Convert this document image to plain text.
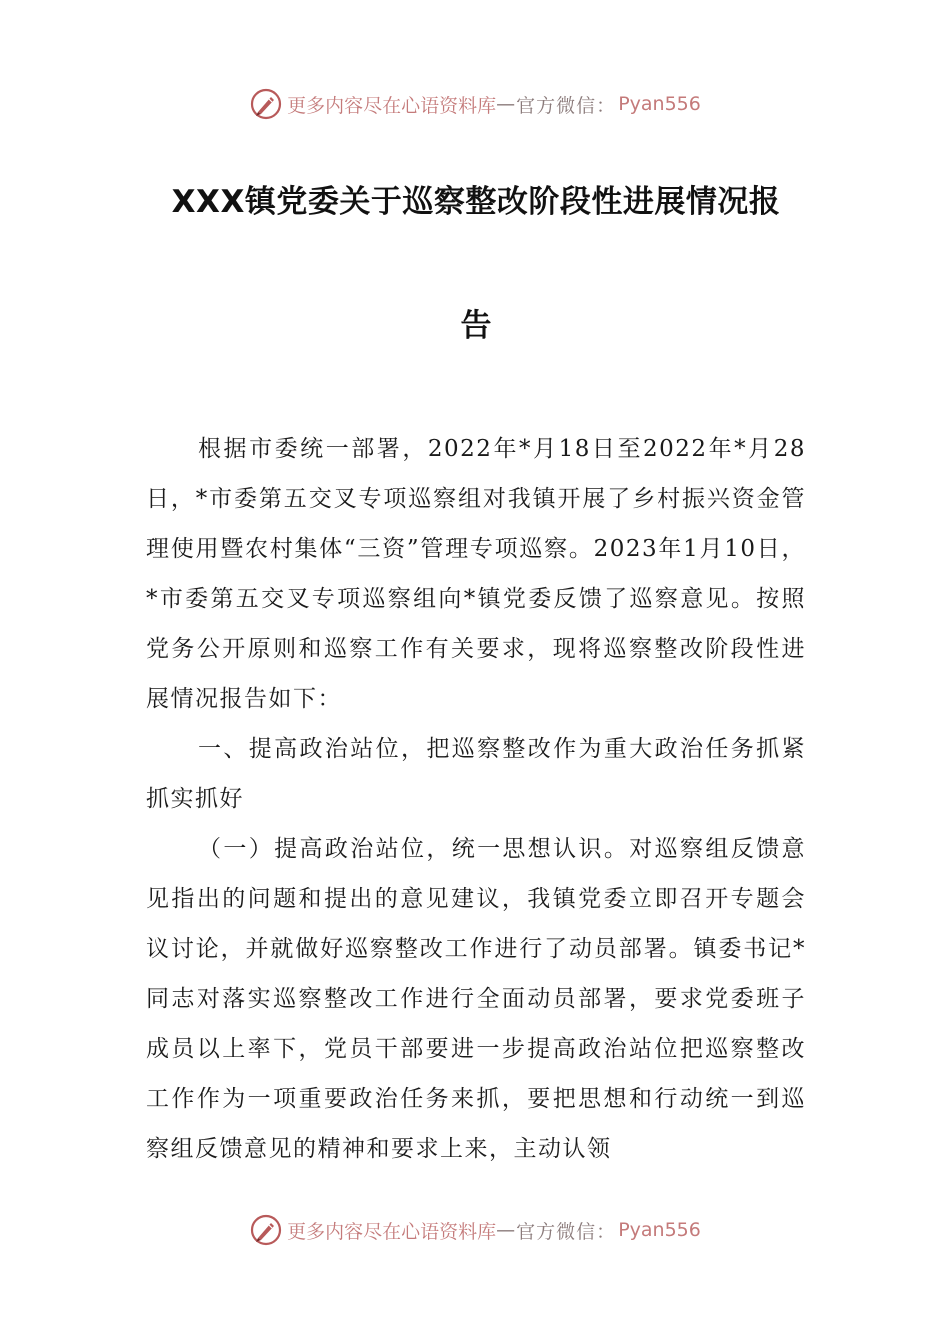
更多内容尽在心语资料库 — 官方微信： Pyan556
XXX镇党委关于巡察整改阶段性进展情况报
告

根据市委统一部署，2022年*月18日至2022年*月28日，*市委第五交叉专项巡察组对我镇开展了乡村振兴资金管理使用暨农村集体“三资”管理专项巡察。2023年1月10日，*市委第五交叉专项巡察组向*镇党委反馈了巡察意见。按照党务公开原则和巡察工作有关要求，现将巡察整改阶段性进展情况报告如下：

一、提高政治站位，把巡察整改作为重大政治任务抓紧抓实抓好

（一）提高政治站位，统一思想认识。对巡察组反馈意见指出的问题和提出的意见建议，我镇党委立即召开专题会议讨论，并就做好巡察整改工作进行了动员部署。镇委书记*同志对落实巡察整改工作进行全面动员部署，要求党委班子成员以上率下，党员干部要进一步提高政治站位把巡察整改工作作为一项重要政治任务来抓，要把思想和行动统一到巡察组反馈意见的精神和要求上来，主动认领

更多内容尽在心语资料库 — 官方微信： Pyan556
